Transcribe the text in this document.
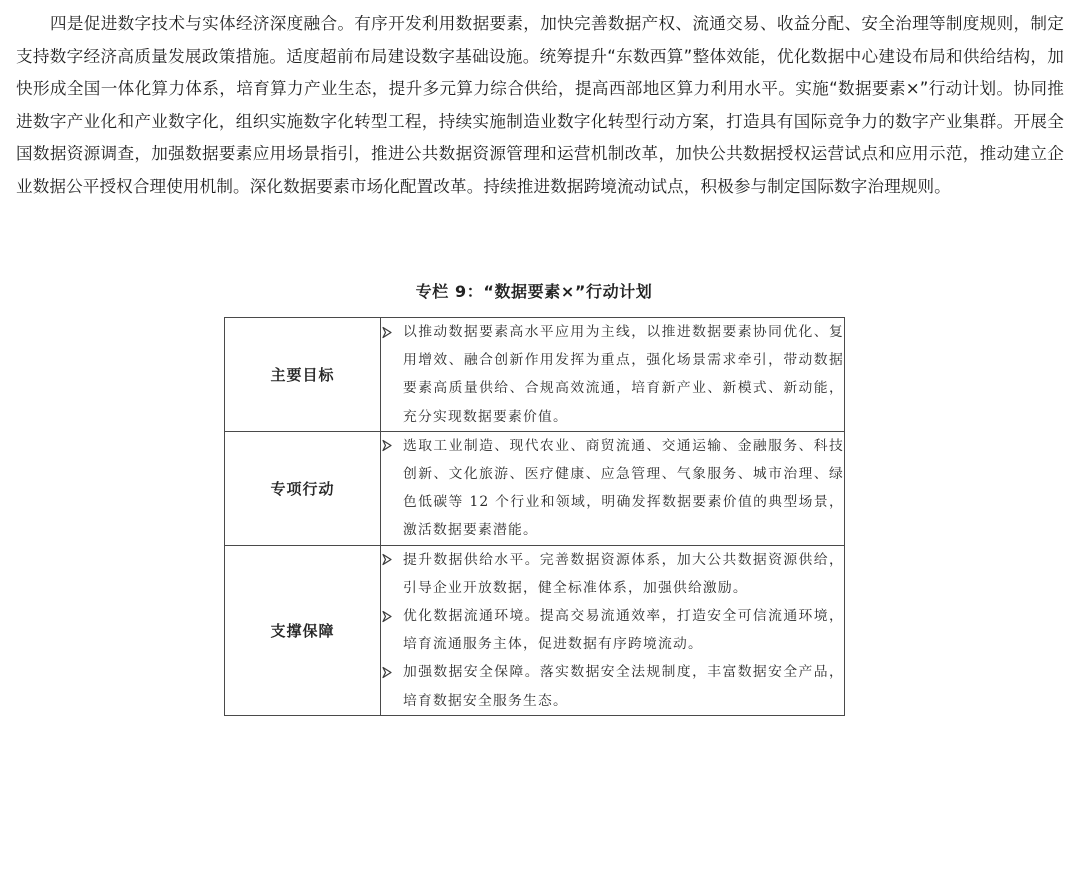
四是促进数字技术与实体经济深度融合。有序开发利用数据要素，加快完善数据产权、流通交易、收益分配、安全治理等制度规则，制定支持数字经济高质量发展政策措施。适度超前布局建设数字基础设施。统筹提升“东数西算”整体效能，优化数据中心建设布局和供给结构，加快形成全国一体化算力体系，培育算力产业生态，提升多元算力综合供给，提高西部地区算力利用水平。实施“数据要素×”行动计划。协同推进数字产业化和产业数字化，组织实施数字化转型工程，持续实施制造业数字化转型行动方案，打造具有国际竞争力的数字产业集群。开展全国数据资源调查，加强数据要素应用场景指引，推进公共数据资源管理和运营机制改革，加快公共数据授权运营试点和应用示范，推动建立企业数据公平授权合理使用机制。深化数据要素市场化配置改革。持续推进数据跨境流动试点，积极参与制定国际数字治理规则。

专栏 9：“数据要素×”行动计划
主要目标	以推动数据要素高水平应用为主线，以推进数据要素协同优化、复用增效、融合创新作用发挥为重点，强化场景需求牵引，带动数据要素高质量供给、合规高效流通，培育新产业、新模式、新动能，充分实现数据要素价值。

专项行动	选取工业制造、现代农业、商贸流通、交通运输、金融服务、科技创新、文化旅游、医疗健康、应急管理、气象服务、城市治理、绿色低碳等 12 个行业和领域，明确发挥数据要素价值的典型场景，激活数据要素潜能。

支撑保障	提升数据供给水平。完善数据资源体系，加大公共数据资源供给，引导企业开放数据，健全标准体系，加强供给激励。
优化数据流通环境。提高交易流通效率，打造安全可信流通环境，培育流通服务主体，促进数据有序跨境流动。
加强数据安全保障。落实数据安全法规制度，丰富数据安全产品，培育数据安全服务生态。
